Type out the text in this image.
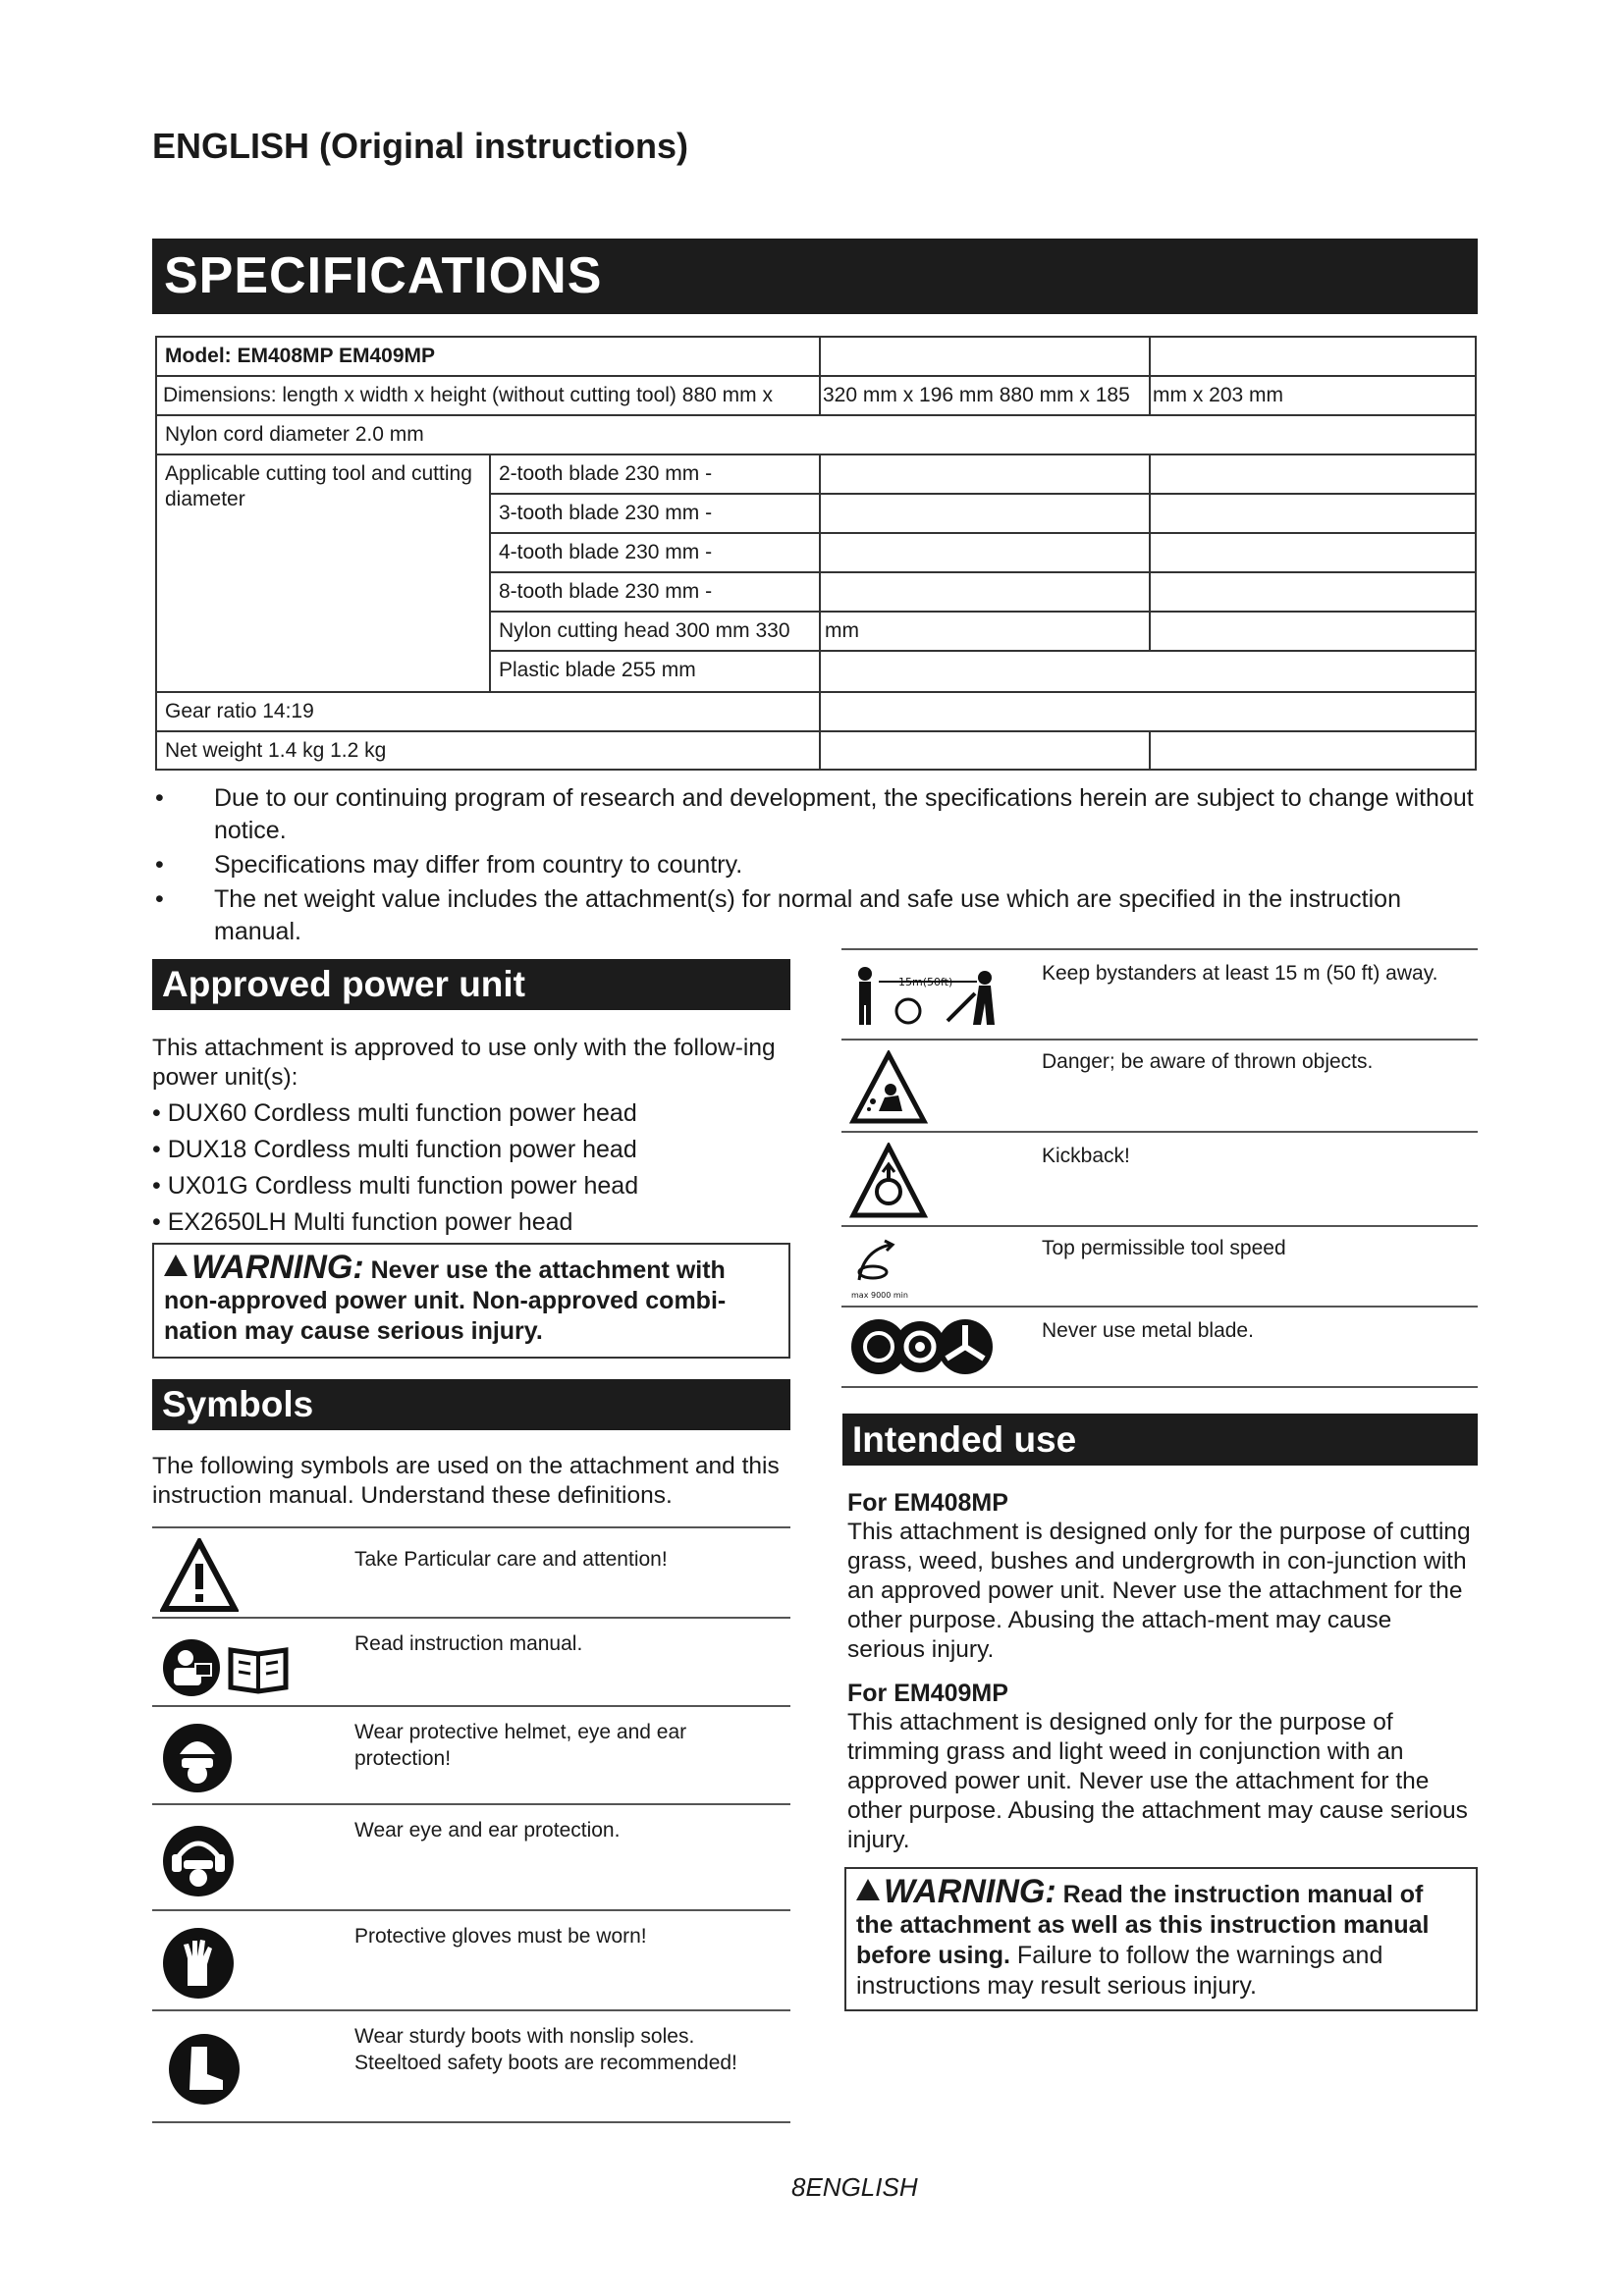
ENGLISH (Original instructions)
SPECIFICATIONS
Model: EM408MP EM409MP
Dimensions: length x width x height (without cutting tool) 880 mm x 320 mm x 196 mm 880 mm x 185 mm x 203 mm
Nylon cord diameter 2.0 mm
Applicable cutting tool and cutting diameter
2-tooth blade 230 mm -
3-tooth blade 230 mm -
4-tooth blade 230 mm -
8-tooth blade 230 mm -
Nylon cutting head 300 mm 330	mm
Plastic blade 255 mm
Gear ratio 14:19
Net weight 1.4 kg 1.2 kg
• Due to our continuing program of research and development, the specifications herein are subject to change without notice.
• Specifications may differ from country to country.
• The net weight value includes the attachment(s) for normal and safe use which are specified in the instruction manual.
Approved power unit
This attachment is approved to use only with the follow-ing power unit(s):
• DUX60 Cordless multi function power head
• DUX18 Cordless multi function power head
• UX01G Cordless multi function power head
• EX2650LH Multi function power head
WARNING: Never use the attachment with non-approved power unit. Non-approved combi-nation may cause serious injury.
Symbols
The following symbols are used on the attachment and this instruction manual. Understand these definitions.
Take Particular care and attention!
Read instruction manual.
Wear protective helmet, eye and ear protection!
Wear eye and ear protection.
Protective gloves must be worn!
Wear sturdy boots with nonslip soles. Steeltoed safety boots are recommended!
15m(50ft)	Keep bystanders at least 15 m (50 ft) away.
Danger; be aware of thrown objects.
Kickback!
max 9000 min
Top permissible tool speed
Never use metal blade.
Intended use
For EM408MP
This attachment is designed only for the purpose of cutting grass, weed, bushes and undergrowth in con-junction with an approved power unit. Never use the attachment for the other purpose. Abusing the attach-ment may cause serious injury.
For EM409MP
This attachment is designed only for the purpose of trimming grass and light weed in conjunction with an approved power unit. Never use the attachment for the other purpose. Abusing the attachment may cause serious injury.
WARNING: Read the instruction manual of the attachment as well as this instruction manual before using. Failure to follow the warnings and instructions may result serious injury.
8ENGLISH
